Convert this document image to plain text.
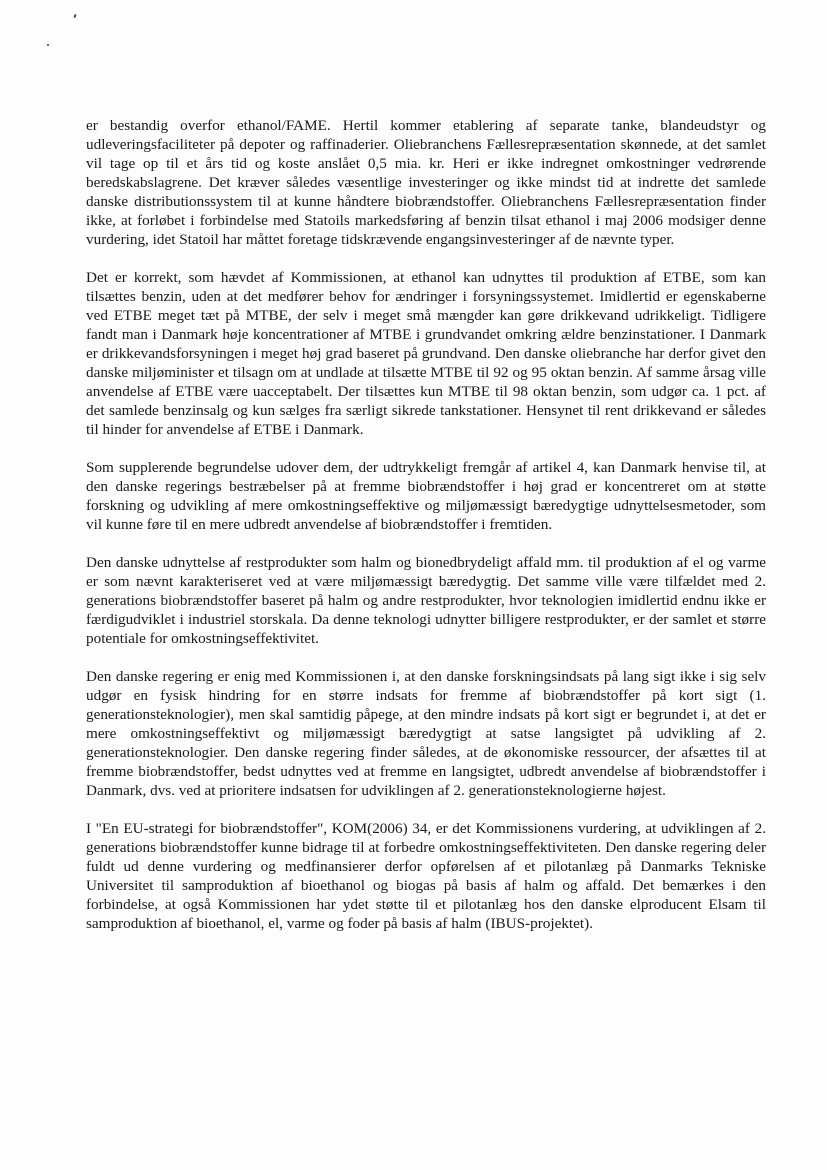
er bestandig overfor ethanol/FAME. Hertil kommer etablering af separate tanke, blandeudstyr og udleveringsfaciliteter på depoter og raffinaderier. Oliebranchens Fællesrepræsentation skønnede, at det samlet vil tage op til et års tid og koste anslået 0,5 mia. kr. Heri er ikke indregnet omkostninger vedrørende beredskabslagrene. Det kræver således væsentlige investeringer og ikke mindst tid at indrette det samlede danske distributionssystem til at kunne håndtere biobrændstoffer. Oliebranchens Fællesrepræsentation finder ikke, at forløbet i forbindelse med Statoils markedsføring af benzin tilsat ethanol i maj 2006 modsiger denne vurdering, idet Statoil har måttet foretage tidskrævende engangsinvesteringer af de nævnte typer.

Det er korrekt, som hævdet af Kommissionen, at ethanol kan udnyttes til produktion af ETBE, som kan tilsættes benzin, uden at det medfører behov for ændringer i forsyningssystemet. Imidlertid er egenskaberne ved ETBE meget tæt på MTBE, der selv i meget små mængder kan gøre drikkevand udrikkeligt. Tidligere fandt man i Danmark høje koncentrationer af MTBE i grundvandet omkring ældre benzinstationer. I Danmark er drikkevandsforsyningen i meget høj grad baseret på grundvand. Den danske oliebranche har derfor givet den danske miljøminister et tilsagn om at undlade at tilsætte MTBE til 92 og 95 oktan benzin. Af samme årsag ville anvendelse af ETBE være uacceptabelt. Der tilsættes kun MTBE til 98 oktan benzin, som udgør ca. 1 pct. af det samlede benzinsalg og kun sælges fra særligt sikrede tankstationer. Hensynet til rent drikkevand er således til hinder for anvendelse af ETBE i Danmark.

Som supplerende begrundelse udover dem, der udtrykkeligt fremgår af artikel 4, kan Danmark henvise til, at den danske regerings bestræbelser på at fremme biobrændstoffer i høj grad er koncentreret om at støtte forskning og udvikling af mere omkostningseffektive og miljømæssigt bæredygtige udnyttelsesmetoder, som vil kunne føre til en mere udbredt anvendelse af biobrændstoffer i fremtiden.

Den danske udnyttelse af restprodukter som halm og bionedbrydeligt affald mm. til produktion af el og varme er som nævnt karakteriseret ved at være miljømæssigt bæredygtig. Det samme ville være tilfældet med 2. generations biobrændstoffer baseret på halm og andre restprodukter, hvor teknologien imidlertid endnu ikke er færdigudviklet i industriel storskala. Da denne teknologi udnytter billigere restprodukter, er der samlet et større potentiale for omkostningseffektivitet.

Den danske regering er enig med Kommissionen i, at den danske forskningsindsats på lang sigt ikke i sig selv udgør en fysisk hindring for en større indsats for fremme af biobrændstoffer på kort sigt (1. generationsteknologier), men skal samtidig påpege, at den mindre indsats på kort sigt er begrundet i, at det er mere omkostningseffektivt og miljømæssigt bæredygtigt at satse langsigtet på udvikling af 2. generationsteknologier. Den danske regering finder således, at de økonomiske ressourcer, der afsættes til at fremme biobrændstoffer, bedst udnyttes ved at fremme en langsigtet, udbredt anvendelse af biobrændstoffer i Danmark, dvs. ved at prioritere indsatsen for udviklingen af 2. generationsteknologierne højest.

I "En EU-strategi for biobrændstoffer", KOM(2006) 34, er det Kommissionens vurdering, at udviklingen af 2. generations biobrændstoffer kunne bidrage til at forbedre omkostningseffektiviteten. Den danske regering deler fuldt ud denne vurdering og medfinansierer derfor opførelsen af et pilotanlæg på Danmarks Tekniske Universitet til samproduktion af bioethanol og biogas på basis af halm og affald. Det bemærkes i den forbindelse, at også Kommissionen har ydet støtte til et pilotanlæg hos den danske elproducent Elsam til samproduktion af bioethanol, el, varme og foder på basis af halm (IBUS-projektet).
